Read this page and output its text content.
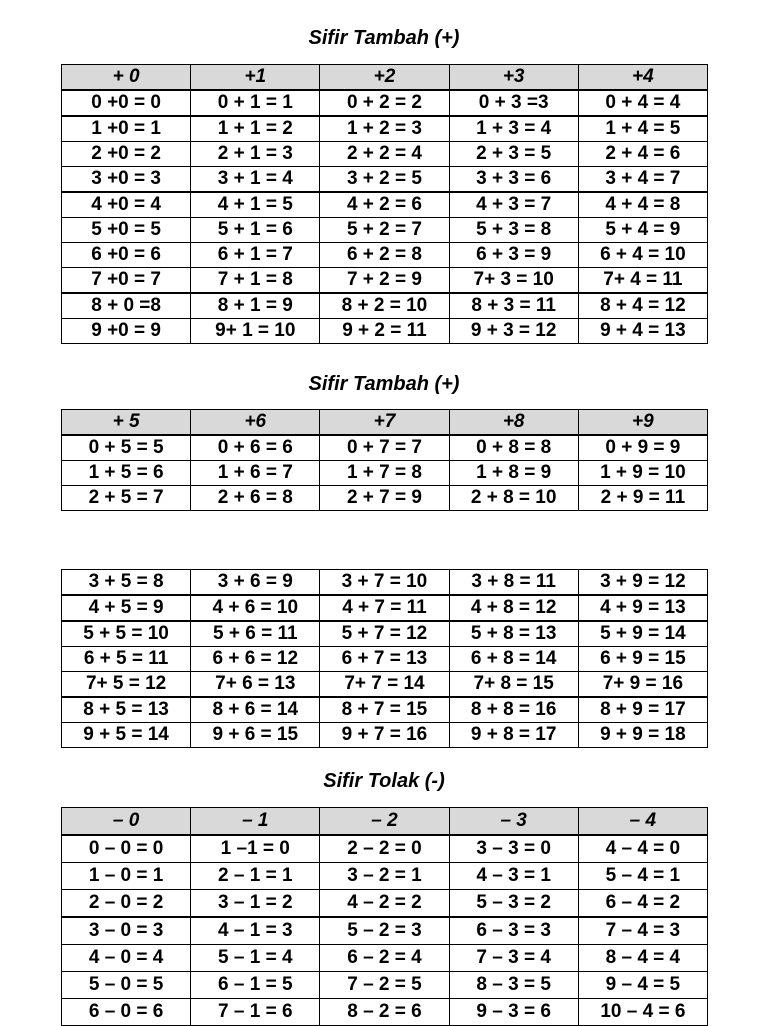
Sifir Tambah (+)
+ 0	+1	+2	+3	+4
0 +0 = 0	0 + 1 = 1	0 + 2 = 2	0 + 3 =3	0 + 4 = 4
1 +0 = 1	1 + 1 = 2	1 + 2 = 3	1 + 3 = 4	1 + 4 = 5
2 +0 = 2	2 + 1 = 3	2 + 2 = 4	2 + 3 = 5	2 + 4 = 6
3 +0 = 3	3 + 1 = 4	3 + 2 = 5	3 + 3 = 6	3 + 4 = 7
4 +0 = 4	4 + 1 = 5	4 + 2 = 6	4 + 3 = 7	4 + 4 = 8
5 +0 = 5	5 + 1 = 6	5 + 2 = 7	5 + 3 = 8	5 + 4 = 9
6 +0 = 6	6 + 1 = 7	6 + 2 = 8	6 + 3 = 9	6 + 4 = 10
7 +0 = 7	7 + 1 = 8	7 + 2 = 9	7+ 3 = 10	7+ 4 = 11
8 + 0 =8	8 + 1 = 9	8 + 2 = 10	8 + 3 = 11	8 + 4 = 12
9 +0 = 9	9+ 1 = 10	9 + 2 = 11	9 + 3 = 12	9 + 4 = 13
Sifir Tambah (+)
+ 5	+6	+7	+8	+9
0 + 5 = 5	0 + 6 = 6	0 + 7 = 7	0 + 8 = 8	0 + 9 = 9
1 + 5 = 6	1 + 6 = 7	1 + 7 = 8	1 + 8 = 9	1 + 9 = 10
2 + 5 = 7	2 + 6 = 8	2 + 7 = 9	2 + 8 = 10	2 + 9 = 11
3 + 5 = 8	3 + 6 = 9	3 + 7 = 10	3 + 8 = 11	3 + 9 = 12
4 + 5 = 9	4 + 6 = 10	4 + 7 = 11	4 + 8 = 12	4 + 9 = 13
5 + 5 = 10	5 + 6 = 11	5 + 7 = 12	5 + 8 = 13	5 + 9 = 14
6 + 5 = 11	6 + 6 = 12	6 + 7 = 13	6 + 8 = 14	6 + 9 = 15
7+ 5 = 12	7+ 6 = 13	7+ 7 = 14	7+ 8 = 15	7+ 9 = 16
8 + 5 = 13	8 + 6 = 14	8 + 7 = 15	8 + 8 = 16	8 + 9 = 17
9 + 5 = 14	9 + 6 = 15	9 + 7 = 16	9 + 8 = 17	9 + 9 = 18
Sifir Tolak (-)
– 0	– 1	– 2	– 3	– 4
0 – 0 = 0	1 –1 = 0	2 – 2 = 0	3 – 3 = 0	4 – 4 = 0
1 – 0 = 1	2 – 1 = 1	3 – 2 = 1	4 – 3 = 1	5 – 4 = 1
2 – 0 = 2	3 – 1 = 2	4 – 2 = 2	5 – 3 = 2	6 – 4 = 2
3 – 0 = 3	4 – 1 = 3	5 – 2 = 3	6 – 3 = 3	7 – 4 = 3
4 – 0 = 4	5 – 1 = 4	6 – 2 = 4	7 – 3 = 4	8 – 4 = 4
5 – 0 = 5	6 – 1 = 5	7 – 2 = 5	8 – 3 = 5	9 – 4 = 5
6 – 0 = 6	7 – 1 = 6	8 – 2 = 6	9 – 3 = 6	10 – 4 = 6
